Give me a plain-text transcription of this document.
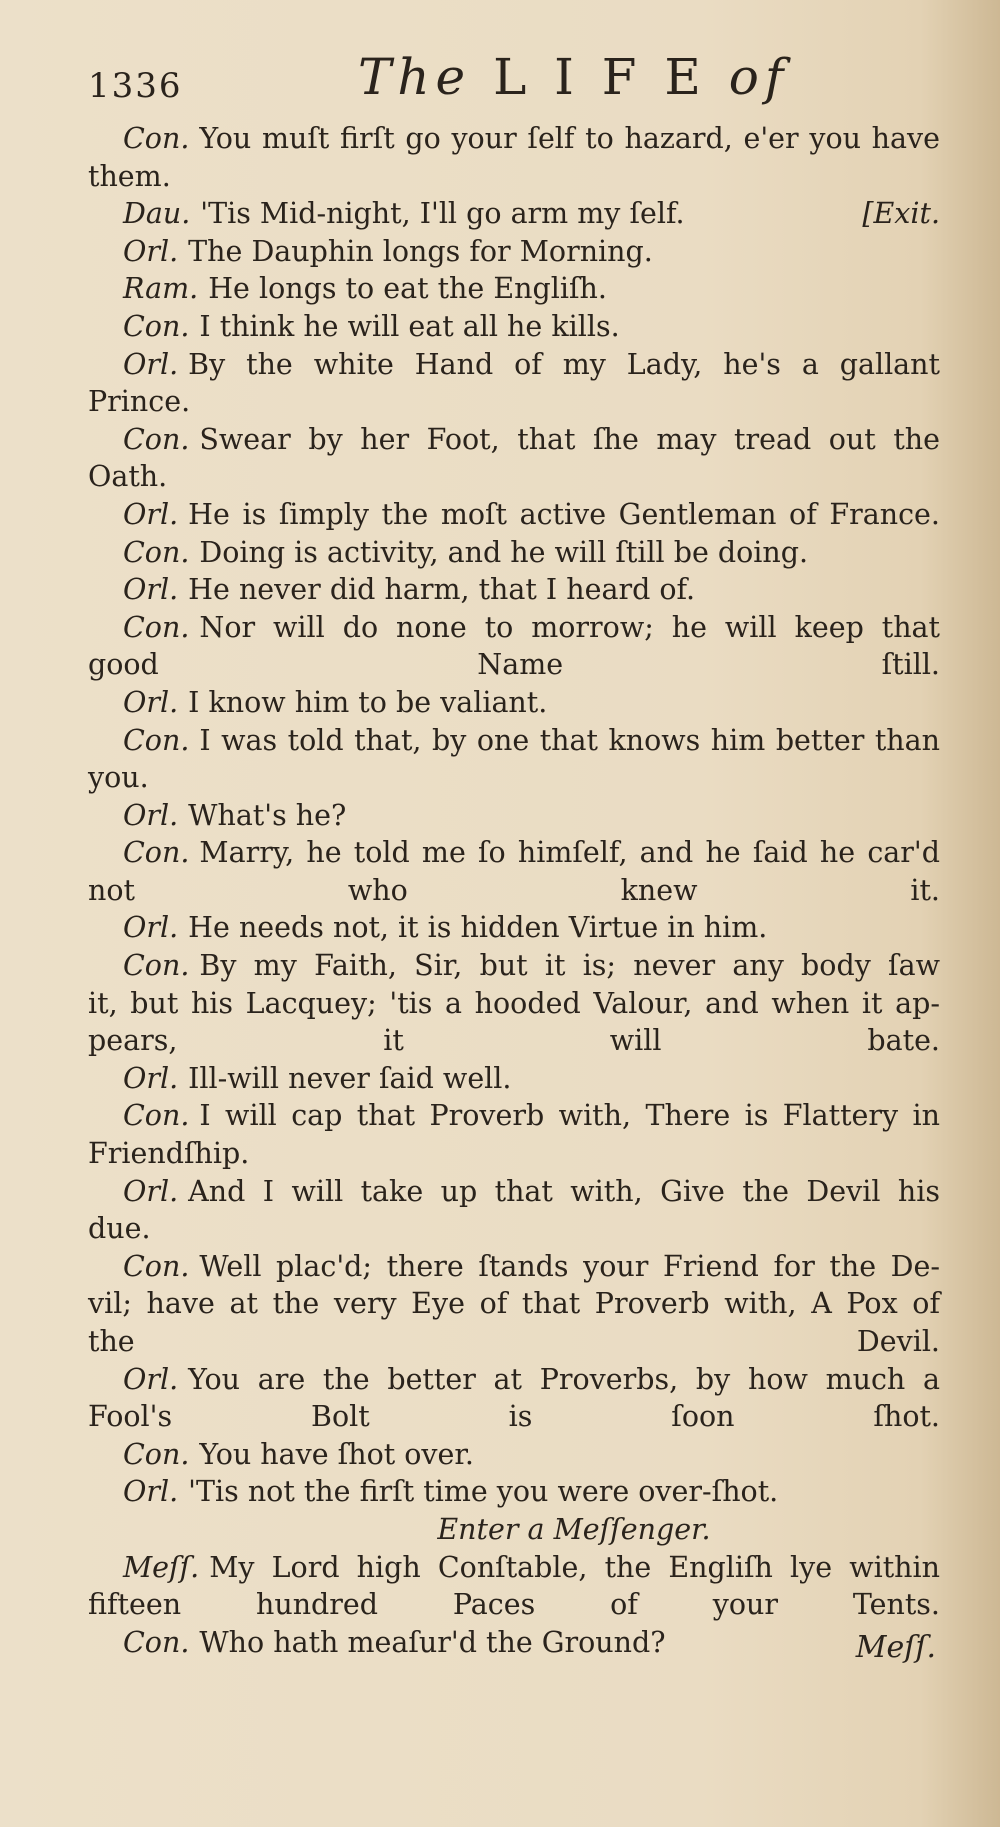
1336	The L I F E of
Con. You muſt firſt go your ſelf to hazard, e'er you have
them.
Dau. 'Tis Mid-night, I'll go arm my ſelf.	[Exit.
Orl. The Dauphin longs for Morning.
Ram. He longs to eat the Engliſh.
Con. I think he will eat all he kills.
Orl. By the white Hand of my Lady, he's a gallant
Prince.
Con. Swear by her Foot, that ſhe may tread out the
Oath.
Orl. He is ſimply the moſt active Gentleman of France.
Con. Doing is activity, and he will ſtill be doing.
Orl. He never did harm, that I heard of.
Con. Nor will do none to morrow; he will keep that
good Name ſtill.
Orl. I know him to be valiant.
Con. I was told that, by one that knows him better than
you.
Orl. What's he?
Con. Marry, he told me ſo himſelf, and he ſaid he car'd
not who knew it.
Orl. He needs not, it is hidden Virtue in him.
Con. By my Faith, Sir, but it is; never any body ſaw
it, but his Lacquey; 'tis a hooded Valour, and when it ap-
pears, it will bate.
Orl. Ill-will never ſaid well.
Con. I will cap that Proverb with, There is Flattery in
Friendſhip.
Orl. And I will take up that with, Give the Devil his
due.
Con. Well plac'd; there ſtands your Friend for the De-
vil; have at the very Eye of that Proverb with, A Pox of
the Devil.
Orl. You are the better at Proverbs, by how much a
Fool's Bolt is ſoon ſhot.
Con. You have ſhot over.
Orl. 'Tis not the firſt time you were over-ſhot.
Enter a Meſſenger.
Meſſ. My Lord high Conſtable, the Engliſh lye within
fifteen hundred Paces of your Tents.
Con. Who hath meaſur'd the Ground?	Meſſ.
